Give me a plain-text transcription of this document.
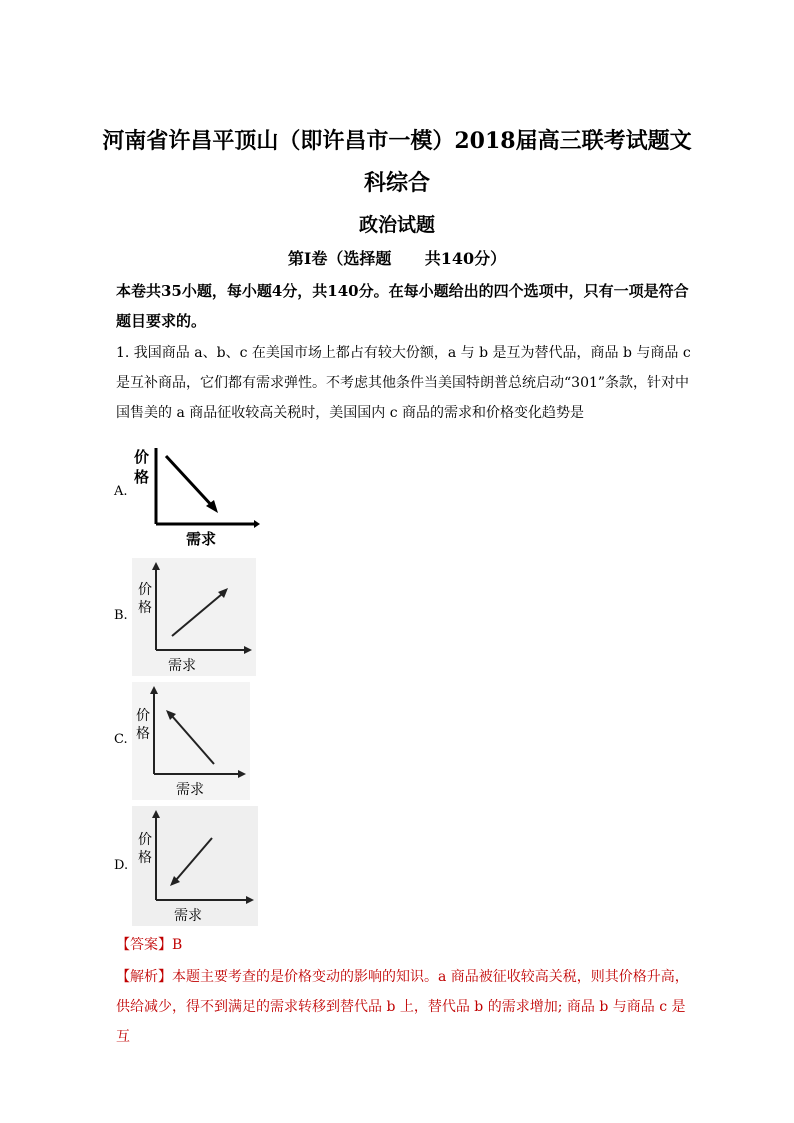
河南省许昌平顶山（即许昌市一模）2018届高三联考试题文
科综合
政治试题
第Ⅰ卷（选择题      共140分）
本卷共35小题，每小题4分，共140分。在每小题给出的四个选项中，只有一项是符合题目要求的。
1. 我国商品 a、b、c 在美国市场上都占有较大份额，a 与 b 是互为替代品，商品 b 与商品 c 是互补商品，它们都有需求弹性。不考虑其他条件当美国特朗普总统启动“301”条款，针对中国售美的 a 商品征收较高关税时，美国国内 c 商品的需求和价格变化趋势是
A.
价
格
需求
B.
价
格
需求
C.
价
格
需求
D.
价
格
需求
【答案】B
【解析】本题主要考查的是价格变动的影响的知识。a 商品被征收较高关税，则其价格升高，供给减少，得不到满足的需求转移到替代品 b 上，替代品 b 的需求增加; 商品 b 与商品 c 是互
